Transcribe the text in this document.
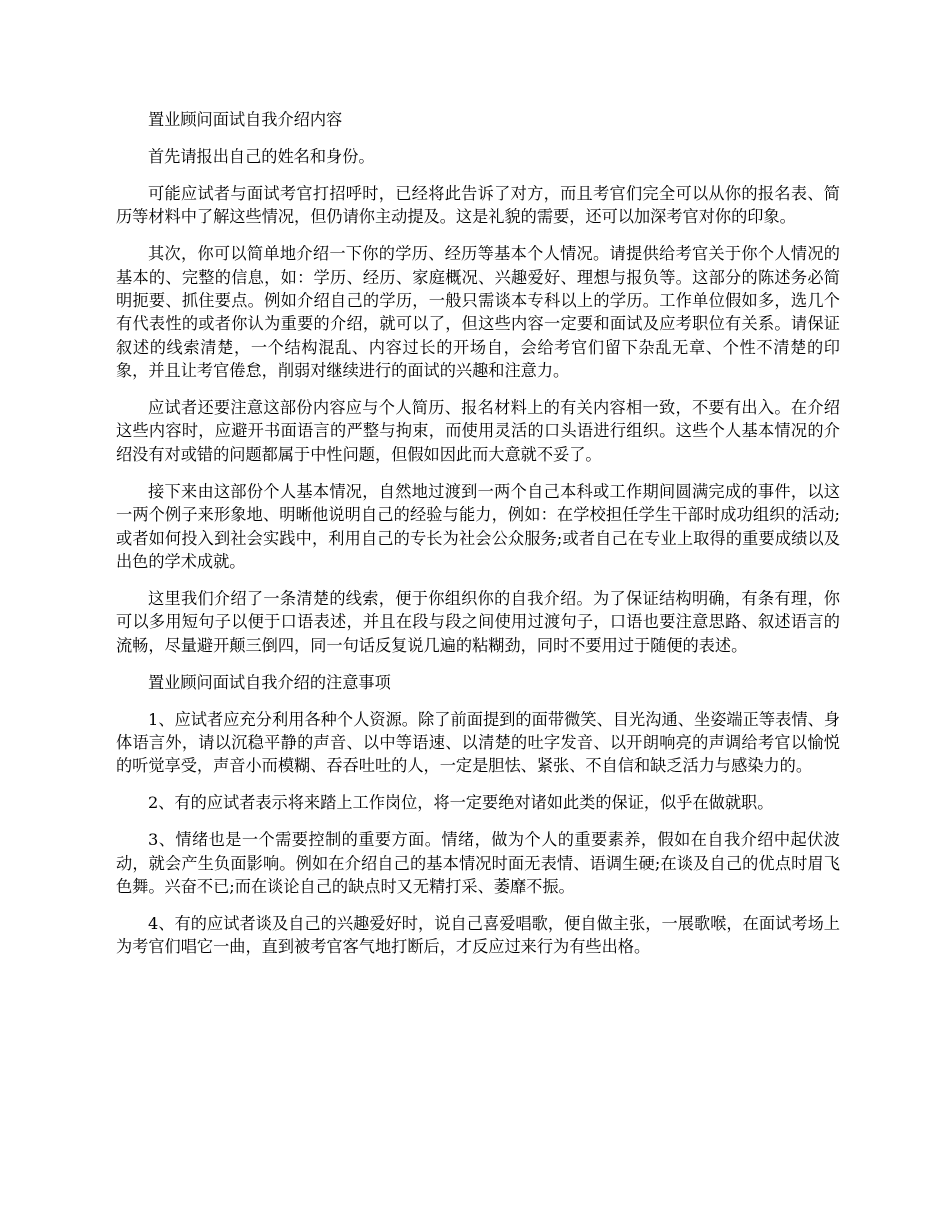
置业顾问面试自我介绍内容

首先请报出自己的姓名和身份。

可能应试者与面试考官打招呼时，已经将此告诉了对方，而且考官们完全可以从你的报名表、简历等材料中了解这些情况，但仍请你主动提及。这是礼貌的需要，还可以加深考官对你的印象。

其次，你可以简单地介绍一下你的学历、经历等基本个人情况。请提供给考官关于你个人情况的基本的、完整的信息，如：学历、经历、家庭概况、兴趣爱好、理想与报负等。这部分的陈述务必简明扼要、抓住要点。例如介绍自己的学历，一般只需谈本专科以上的学历。工作单位假如多，选几个有代表性的或者你认为重要的介绍，就可以了，但这些内容一定要和面试及应考职位有关系。请保证叙述的线索清楚，一个结构混乱、内容过长的开场自，会给考官们留下杂乱无章、个性不清楚的印象，并且让考官倦怠，削弱对继续进行的面试的兴趣和注意力。

应试者还要注意这部份内容应与个人简历、报名材料上的有关内容相一致，不要有出入。在介绍这些内容时，应避开书面语言的严整与拘束，而使用灵活的口头语进行组织。这些个人基本情况的介绍没有对或错的问题都属于中性问题，但假如因此而大意就不妥了。

接下来由这部份个人基本情况，自然地过渡到一两个自己本科或工作期间圆满完成的事件，以这一两个例子来形象地、明晰他说明自己的经验与能力，例如：在学校担任学生干部时成功组织的活动;或者如何投入到社会实践中，利用自己的专长为社会公众服务;或者自己在专业上取得的重要成绩以及出色的学术成就。

这里我们介绍了一条清楚的线索，便于你组织你的自我介绍。为了保证结构明确，有条有理，你可以多用短句子以便于口语表述，并且在段与段之间使用过渡句子，口语也要注意思路、叙述语言的流畅，尽量避开颠三倒四，同一句话反复说几遍的粘糊劲，同时不要用过于随便的表述。

置业顾问面试自我介绍的注意事项

1、应试者应充分利用各种个人资源。除了前面提到的面带微笑、目光沟通、坐姿端正等表情、身体语言外，请以沉稳平静的声音、以中等语速、以清楚的吐字发音、以开朗响亮的声调给考官以愉悦的听觉享受，声音小而模糊、吞吞吐吐的人，一定是胆怯、紧张、不自信和缺乏活力与感染力的。

2、有的应试者表示将来踏上工作岗位，将一定要绝对诸如此类的保证，似乎在做就职。

3、情绪也是一个需要控制的重要方面。情绪，做为个人的重要素养，假如在自我介绍中起伏波动，就会产生负面影响。例如在介绍自己的基本情况时面无表情、语调生硬;在谈及自己的优点时眉飞色舞。兴奋不已;而在谈论自己的缺点时又无精打采、萎靡不振。

4、有的应试者谈及自己的兴趣爱好时，说自己喜爱唱歌，便自做主张，一展歌喉，在面试考场上为考官们唱它一曲，直到被考官客气地打断后，才反应过来行为有些出格。
